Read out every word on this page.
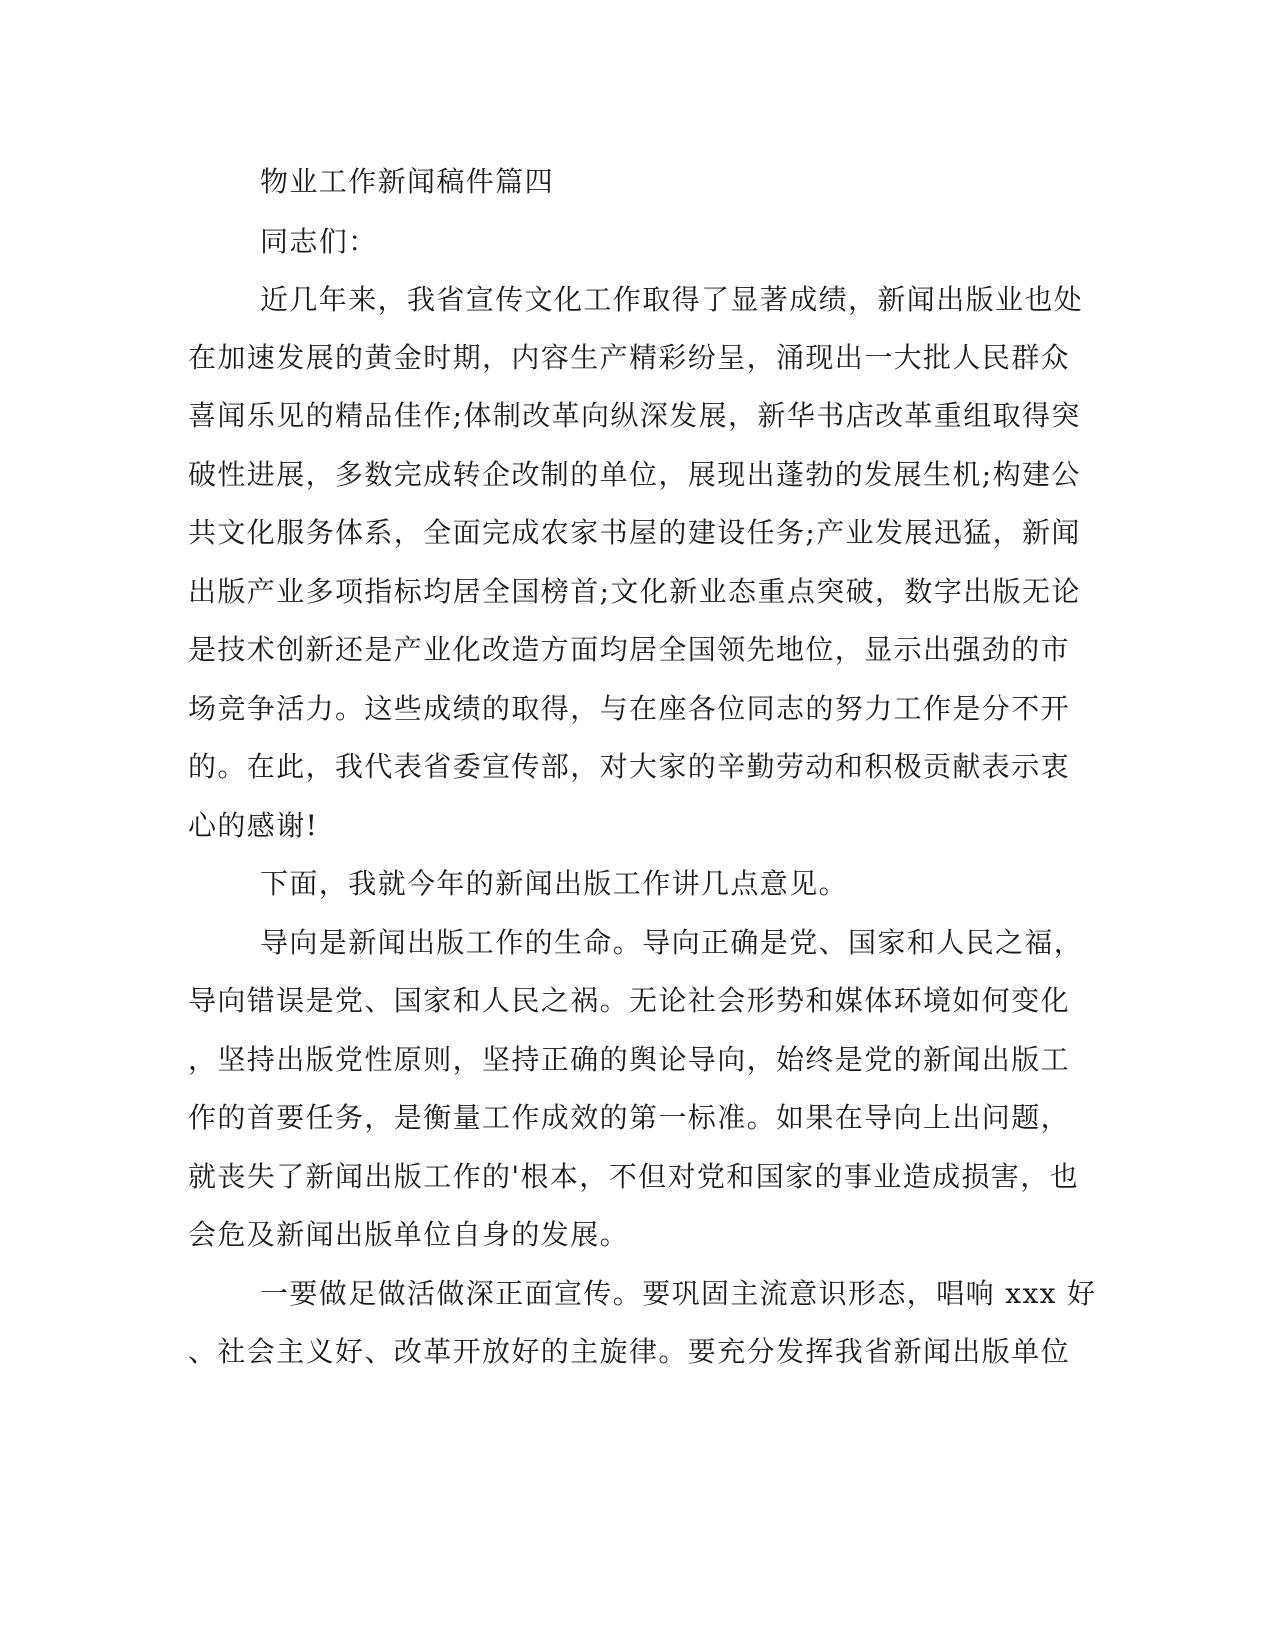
物业工作新闻稿件篇四
同志们：
近几年来，我省宣传文化工作取得了显著成绩，新闻出版业也处
在加速发展的黄金时期，内容生产精彩纷呈，涌现出一大批人民群众
喜闻乐见的精品佳作;体制改革向纵深发展，新华书店改革重组取得突
破性进展，多数完成转企改制的单位，展现出蓬勃的发展生机;构建公
共文化服务体系，全面完成农家书屋的建设任务;产业发展迅猛，新闻
出版产业多项指标均居全国榜首;文化新业态重点突破，数字出版无论
是技术创新还是产业化改造方面均居全国领先地位，显示出强劲的市
场竞争活力。这些成绩的取得，与在座各位同志的努力工作是分不开
的。在此，我代表省委宣传部，对大家的辛勤劳动和积极贡献表示衷
心的感谢!
下面，我就今年的新闻出版工作讲几点意见。
导向是新闻出版工作的生命。导向正确是党、国家和人民之福，
导向错误是党、国家和人民之祸。无论社会形势和媒体环境如何变化
，坚持出版党性原则，坚持正确的舆论导向，始终是党的新闻出版工
作的首要任务，是衡量工作成效的第一标准。如果在导向上出问题，
就丧失了新闻出版工作的'根本，不但对党和国家的事业造成损害，也
会危及新闻出版单位自身的发展。
一要做足做活做深正面宣传。要巩固主流意识形态，唱响 xxx 好
、社会主义好、改革开放好的主旋律。要充分发挥我省新闻出版单位
